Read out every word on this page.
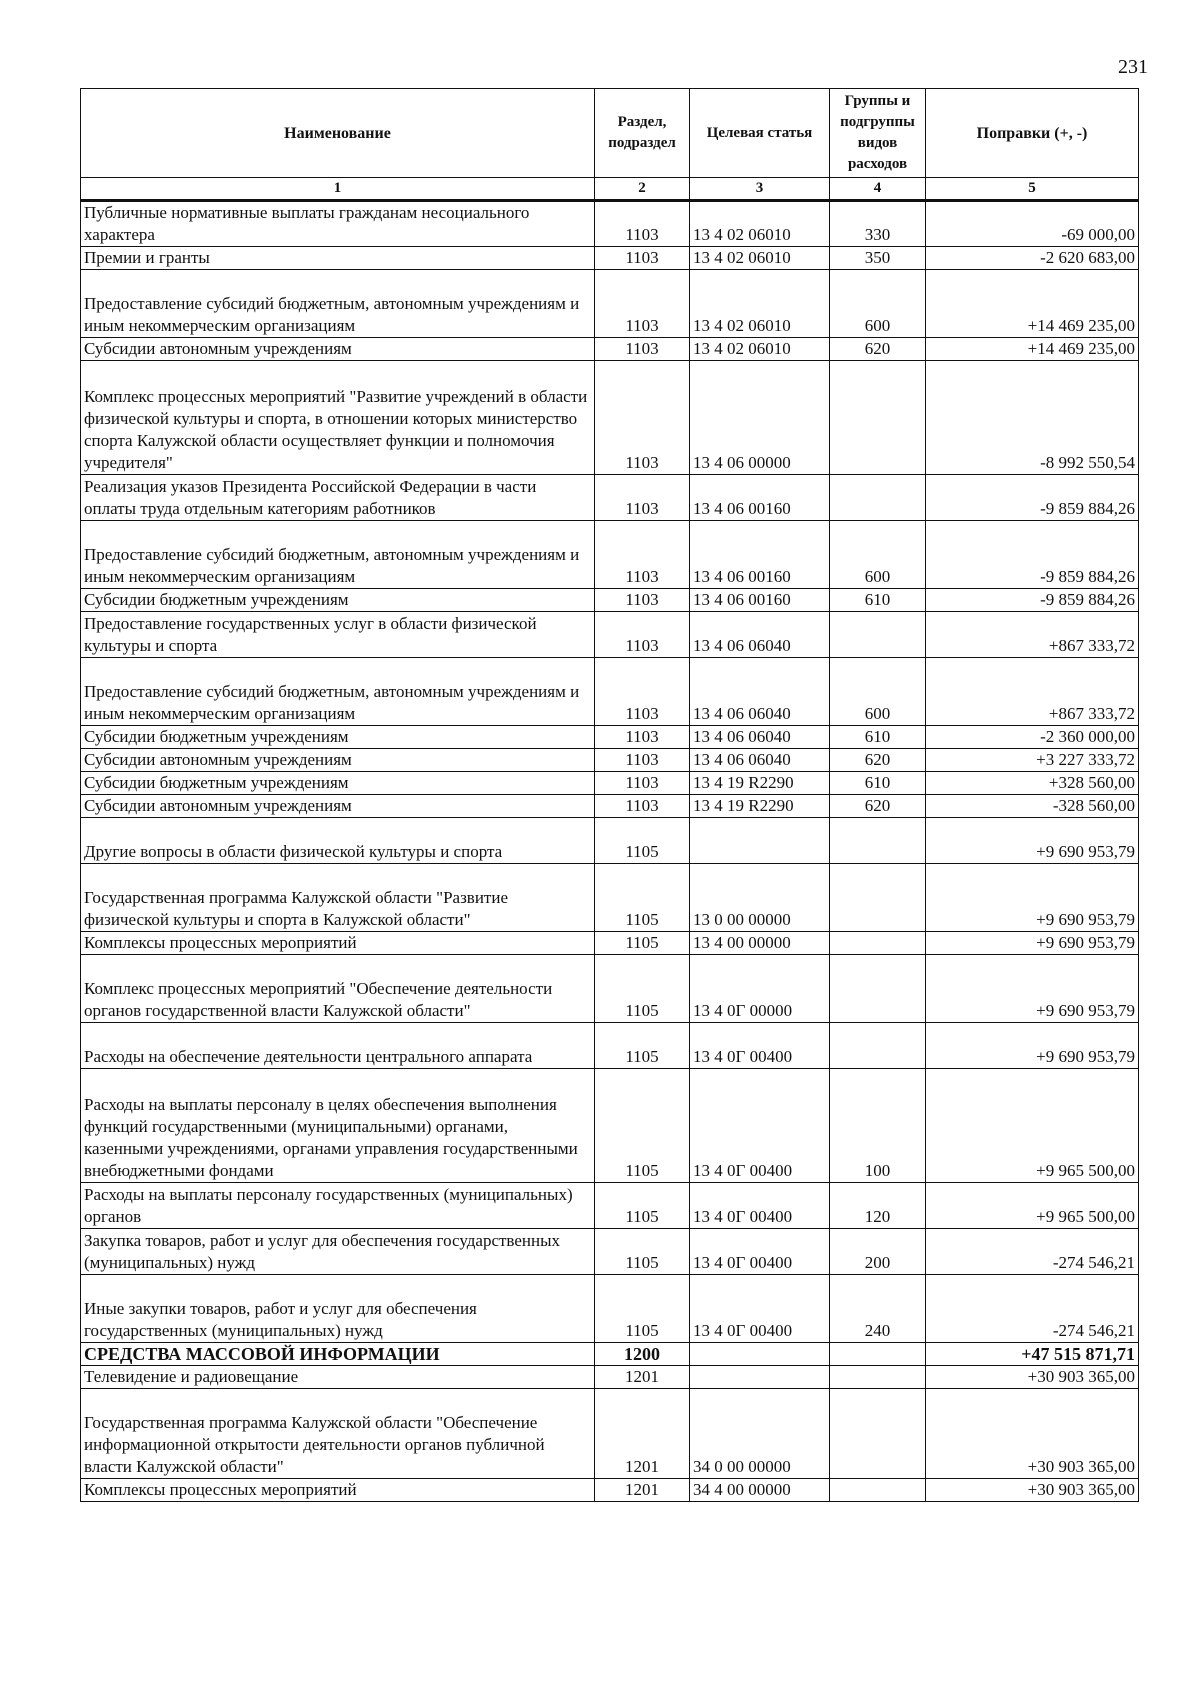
231
Наименование	Раздел, подраздел	Целевая статья	Группы и подгруппы видов расходов	Поправки (+, -)
1	2	3	4	5
Публичные нормативные выплаты гражданам несоциального характера	1103	13 4 02 06010	330	-69 000,00
Премии и гранты	1103	13 4 02 06010	350	-2 620 683,00
Предоставление субсидий бюджетным, автономным учреждениям и иным некоммерческим организациям	1103	13 4 02 06010	600	+14 469 235,00
Субсидии автономным учреждениям	1103	13 4 02 06010	620	+14 469 235,00
Комплекс процессных мероприятий "Развитие учреждений в области физической культуры и спорта, в отношении которых министерство спорта Калужской области осуществляет функции и полномочия учредителя"	1103	13 4 06 00000		-8 992 550,54
Реализация указов Президента Российской Федерации в части оплаты труда отдельным категориям работников	1103	13 4 06 00160		-9 859 884,26
Предоставление субсидий бюджетным, автономным учреждениям и иным некоммерческим организациям	1103	13 4 06 00160	600	-9 859 884,26
Субсидии бюджетным учреждениям	1103	13 4 06 00160	610	-9 859 884,26
Предоставление государственных услуг в области физической культуры и спорта	1103	13 4 06 06040		+867 333,72
Предоставление субсидий бюджетным, автономным учреждениям и иным некоммерческим организациям	1103	13 4 06 06040	600	+867 333,72
Субсидии бюджетным учреждениям	1103	13 4 06 06040	610	-2 360 000,00
Субсидии автономным учреждениям	1103	13 4 06 06040	620	+3 227 333,72
Субсидии бюджетным учреждениям	1103	13 4 19 R2290	610	+328 560,00
Субсидии автономным учреждениям	1103	13 4 19 R2290	620	-328 560,00
Другие вопросы в области физической культуры и спорта	1105			+9 690 953,79
Государственная программа Калужской области "Развитие физической культуры и спорта в Калужской области"	1105	13 0 00 00000		+9 690 953,79
Комплексы процессных мероприятий	1105	13 4 00 00000		+9 690 953,79
Комплекс процессных мероприятий "Обеспечение деятельности органов государственной власти Калужской области"	1105	13 4 0Г 00000		+9 690 953,79
Расходы на обеспечение деятельности центрального аппарата	1105	13 4 0Г 00400		+9 690 953,79
Расходы на выплаты персоналу в целях обеспечения выполнения функций государственными (муниципальными) органами, казенными учреждениями, органами управления государственными внебюджетными фондами	1105	13 4 0Г 00400	100	+9 965 500,00
Расходы на выплаты персоналу государственных (муниципальных) органов	1105	13 4 0Г 00400	120	+9 965 500,00
Закупка товаров, работ и услуг для обеспечения государственных (муниципальных) нужд	1105	13 4 0Г 00400	200	-274 546,21
Иные закупки товаров, работ и услуг для обеспечения государственных (муниципальных) нужд	1105	13 4 0Г 00400	240	-274 546,21
СРЕДСТВА МАССОВОЙ ИНФОРМАЦИИ	1200			+47 515 871,71
Телевидение и радиовещание	1201			+30 903 365,00
Государственная программа Калужской области "Обеспечение информационной открытости деятельности органов публичной власти Калужской области"	1201	34 0 00 00000		+30 903 365,00
Комплексы процессных мероприятий	1201	34 4 00 00000		+30 903 365,00
